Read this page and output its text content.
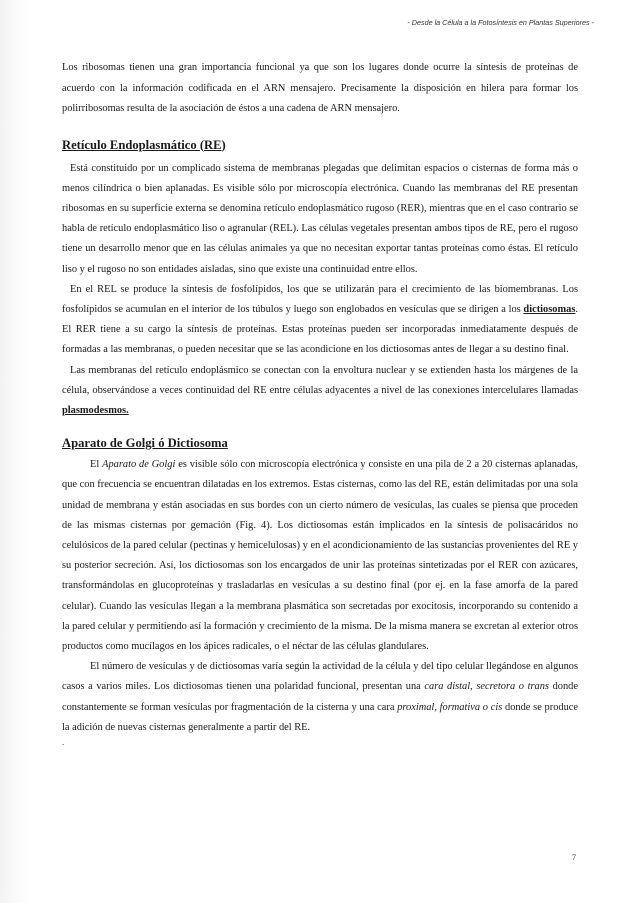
- Desde la Célula a la Fotosíntesis en Plantas Superiores -

Los ribosomas tienen una gran importancia funcional ya que son los lugares donde ocurre la síntesis de proteínas de acuerdo con la información codificada en el ARN mensajero. Precisamente la disposición en hilera para formar los polirribosomas resulta de la asociación de éstos a una cadena de ARN mensajero.

Retículo Endoplasmático (RE)

Está constituido por un complicado sistema de membranas plegadas que delimitan espacios o cisternas de forma más o menos cilíndrica o bien aplanadas. Es visible sólo por microscopía electrónica. Cuando las membranas del RE presentan ribosomas en su superficie externa se denomina retículo endoplasmático rugoso (RER), mientras que en el caso contrario se habla de retículo endoplasmático liso o agranular (REL). Las células vegetales presentan ambos tipos de RE, pero el rugoso tiene un desarrollo menor que en las células animales ya que no necesitan exportar tantas proteínas como éstas. El retículo liso y el rugoso no son entidades aisladas, sino que existe una continuidad entre ellos.

En el REL se produce la síntesis de fosfolípidos, los que se utilizarán para el crecimiento de las biomembranas. Los fosfolípidos se acumulan en el interior de los túbulos y luego son englobados en vesículas que se dirigen a los dictiosomas. El RER tiene a su cargo la síntesis de proteínas. Estas proteínas pueden ser incorporadas inmediatamente después de formadas a las membranas, o pueden necesitar que se las acondicione en los dictiosomas antes de llegar a su destino final.

Las membranas del retículo endoplásmico se conectan con la envoltura nuclear y se extienden hasta los márgenes de la célula, observándose a veces continuidad del RE entre células adyacentes a nivel de las conexiones intercelulares llamadas plasmodesmos.

Aparato de Golgi ó Dictiosoma

El Aparato de Golgi es visible sólo con microscopía electrónica y consiste en una pila de 2 a 20 cisternas aplanadas, que con frecuencia se encuentran dilatadas en los extremos. Estas cisternas, como las del RE, están delimitadas por una sola unidad de membrana y están asociadas en sus bordes con un cierto número de vesículas, las cuales se piensa que proceden de las mismas cisternas por gemación (Fig. 4). Los dictiosomas están implicados en la síntesis de polisacáridos no celulósicos de la pared celular (pectinas y hemicelulosas) y en el acondicionamiento de las sustancias provenientes del RE y su posterior secreción. Así, los dictiosomas son los encargados de unir las proteínas sintetizadas por el RER con azúcares, transformándolas en glucoproteínas y trasladarlas en vesículas a su destino final (por ej. en la fase amorfa de la pared celular). Cuando las vesículas llegan a la membrana plasmática son secretadas por exocitosis, incorporando su contenido a la pared celular y permitiendo así la formación y crecimiento de la misma. De la misma manera se excretan al exterior otros productos como mucílagos en los ápices radicales, o el néctar de las células glandulares.

El número de vesículas y de dictiosomas varía según la actividad de la célula y del tipo celular llegándose en algunos casos a varios miles. Los dictiosomas tienen una polaridad funcional, presentan una cara distal, secretora o trans donde constantemente se forman vesículas por fragmentación de la cisterna y una cara proximal, formativa o cis donde se produce la adición de nuevas cisternas generalmente a partir del RE.

.

7
